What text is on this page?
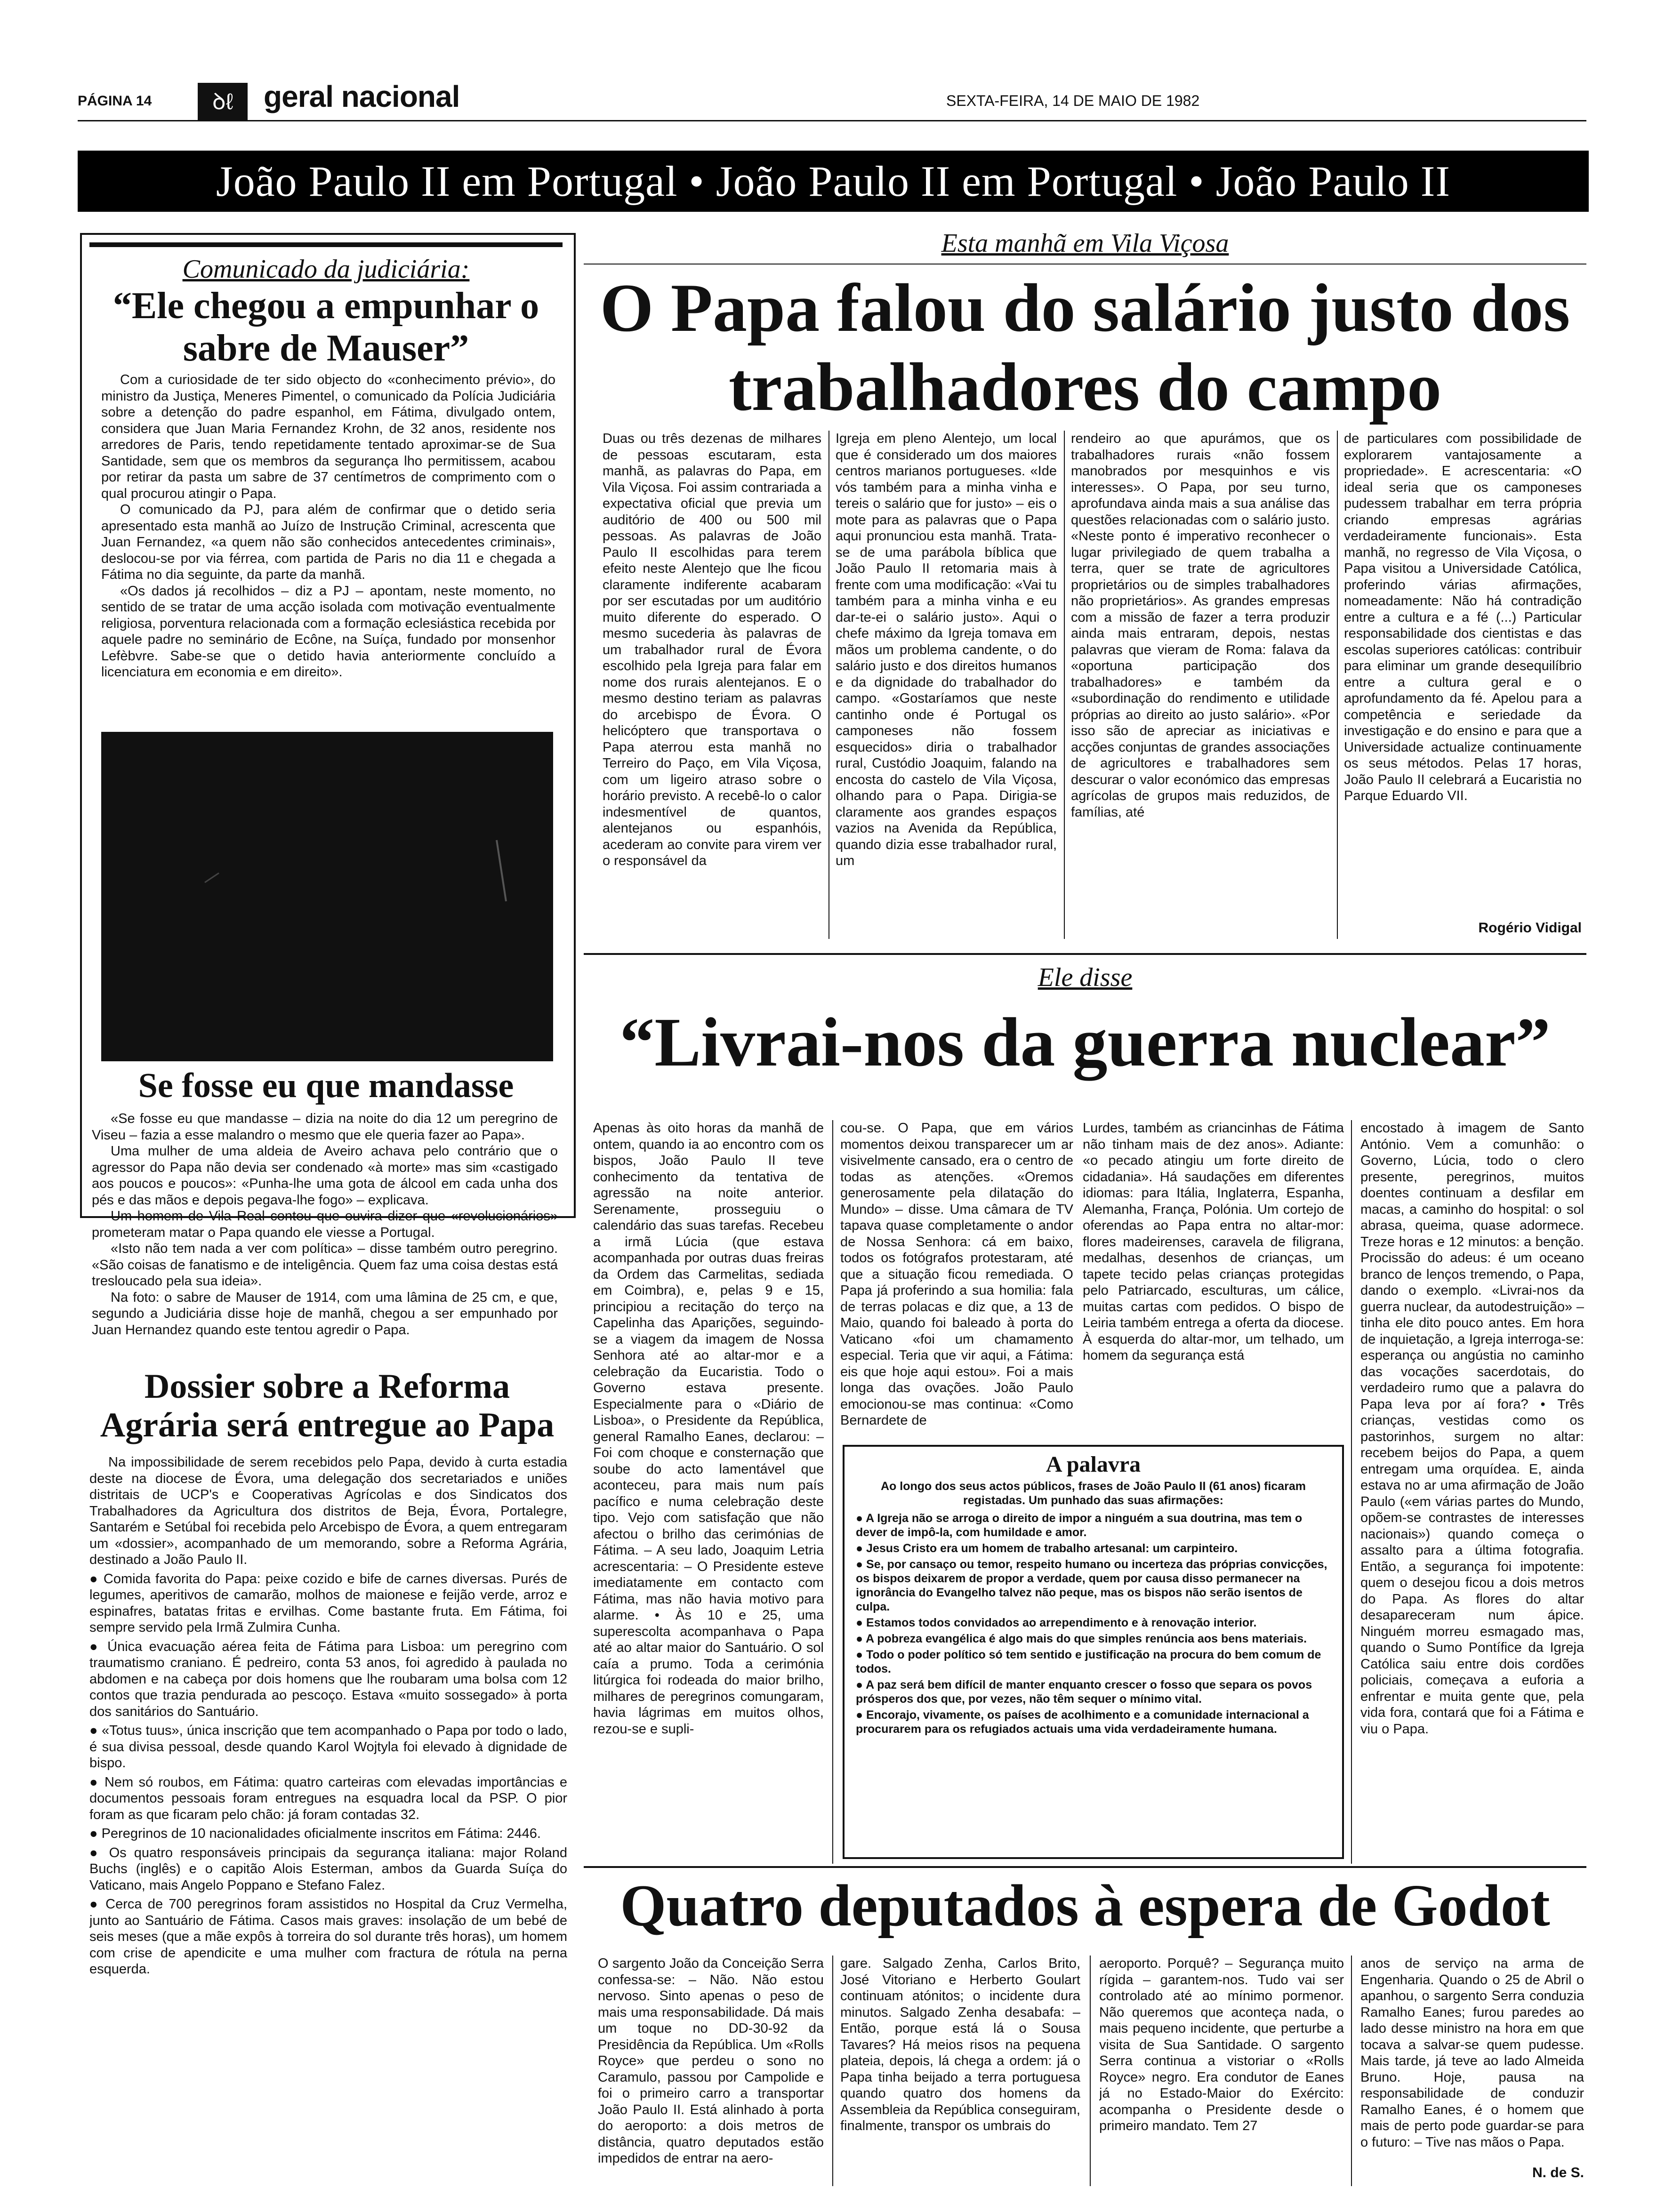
PÁGINA 14	ꝺℓ	geral nacional	SEXTA-FEIRA, 14 DE MAIO DE 1982
João Paulo II em Portugal • João Paulo II em Portugal • João Paulo II
Comunicado da judiciária:
“Ele chegou a empunhar o sabre de Mauser”

Com a curiosidade de ter sido objecto do «conhecimento prévio», do ministro da Justiça, Meneres Pimentel, o comunicado da Polícia Judiciária sobre a detenção do padre espanhol, em Fátima, divulgado ontem, considera que Juan Maria Fernandez Krohn, de 32 anos, residente nos arredores de Paris, tendo repetidamente tentado aproximar-se de Sua Santidade, sem que os membros da segurança lho permitissem, acabou por retirar da pasta um sabre de 37 centímetros de comprimento com o qual procurou atingir o Papa.

O comunicado da PJ, para além de confirmar que o detido seria apresentado esta manhã ao Juízo de Instrução Criminal, acrescenta que Juan Fernandez, «a quem não são conhecidos antecedentes criminais», deslocou-se por via férrea, com partida de Paris no dia 11 e chegada a Fátima no dia seguinte, da parte da manhã.

«Os dados já recolhidos – diz a PJ – apontam, neste momento, no sentido de se tratar de uma acção isolada com motivação eventualmente religiosa, porventura relacionada com a formação eclesiástica recebida por aquele padre no seminário de Ecône, na Suíça, fundado por monsenhor Lefèbvre. Sabe-se que o detido havia anteriormente concluído a licenciatura em economia e em direito».

Se fosse eu que mandasse

«Se fosse eu que mandasse – dizia na noite do dia 12 um peregrino de Viseu – fazia a esse malandro o mesmo que ele queria fazer ao Papa».

Uma mulher de uma aldeia de Aveiro achava pelo contrário que o agressor do Papa não devia ser condenado «à morte» mas sim «castigado aos poucos e poucos»: «Punha-lhe uma gota de álcool em cada unha dos pés e das mãos e depois pegava-lhe fogo» – explicava.

Um homem de Vila Real contou que ouvira dizer que «revolucionários» prometeram matar o Papa quando ele viesse a Portugal.

«Isto não tem nada a ver com política» – disse também outro peregrino. «São coisas de fanatismo e de inteligência. Quem faz uma coisa destas está tresloucado pela sua ideia».

Na foto: o sabre de Mauser de 1914, com uma lâmina de 25 cm, e que, segundo a Judiciária disse hoje de manhã, chegou a ser empunhado por Juan Hernandez quando este tentou agredir o Papa.

Dossier sobre a Reforma Agrária será entregue ao Papa

Na impossibilidade de serem recebidos pelo Papa, devido à curta estadia deste na diocese de Évora, uma delegação dos secretariados e uniões distritais de UCP's e Cooperativas Agrícolas e dos Sindicatos dos Trabalhadores da Agricultura dos distritos de Beja, Évora, Portalegre, Santarém e Setúbal foi recebida pelo Arcebispo de Évora, a quem entregaram um «dossier», acompanhado de um memorando, sobre a Reforma Agrária, destinado a João Paulo II.

● Comida favorita do Papa: peixe cozido e bife de carnes diversas. Purés de legumes, aperitivos de camarão, molhos de maionese e feijão verde, arroz e espinafres, batatas fritas e ervilhas. Come bastante fruta. Em Fátima, foi sempre servido pela Irmã Zulmira Cunha.

● Única evacuação aérea feita de Fátima para Lisboa: um peregrino com traumatismo craniano. É pedreiro, conta 53 anos, foi agredido à paulada no abdomen e na cabeça por dois homens que lhe roubaram uma bolsa com 12 contos que trazia pendurada ao pescoço. Estava «muito sossegado» à porta dos sanitários do Santuário.

● «Totus tuus», única inscrição que tem acompanhado o Papa por todo o lado, é sua divisa pessoal, desde quando Karol Wojtyla foi elevado à dignidade de bispo.

● Nem só roubos, em Fátima: quatro carteiras com elevadas importâncias e documentos pessoais foram entregues na esquadra local da PSP. O pior foram as que ficaram pelo chão: já foram contadas 32.

● Peregrinos de 10 nacionalidades oficialmente inscritos em Fátima: 2446.

● Os quatro responsáveis principais da segurança italiana: major Roland Buchs (inglês) e o capitão Alois Esterman, ambos da Guarda Suíça do Vaticano, mais Angelo Poppano e Stefano Falez.

● Cerca de 700 peregrinos foram assistidos no Hospital da Cruz Vermelha, junto ao Santuário de Fátima. Casos mais graves: insolação de um bebé de seis meses (que a mãe expôs à torreira do sol durante três horas), um homem com crise de apendicite e uma mulher com fractura de rótula na perna esquerda.

Esta manhã em Vila Viçosa
O Papa falou do salário justo dos trabalhadores do campo
Duas ou três dezenas de milhares de pessoas escutaram, esta manhã, as palavras do Papa, em Vila Viçosa. Foi assim contrariada a expectativa oficial que previa um auditório de 400 ou 500 mil pessoas. As palavras de João Paulo II escolhidas para terem efeito neste Alentejo que lhe ficou claramente indiferente acabaram por ser escutadas por um auditório muito diferente do esperado. O mesmo sucederia às palavras de um trabalhador rural de Évora escolhido pela Igreja para falar em nome dos rurais alentejanos. E o mesmo destino teriam as palavras do arcebispo de Évora. O helicóptero que transportava o Papa aterrou esta manhã no Terreiro do Paço, em Vila Viçosa, com um ligeiro atraso sobre o horário previsto. A recebê-lo o calor indesmentível de quantos, alentejanos ou espanhóis, acederam ao convite para virem ver o responsável da
Igreja em pleno Alentejo, um local que é considerado um dos maiores centros marianos portugueses. «Ide vós também para a minha vinha e tereis o salário que for justo» – eis o mote para as palavras que o Papa aqui pronunciou esta manhã. Trata-se de uma parábola bíblica que João Paulo II retomaria mais à frente com uma modificação: «Vai tu também para a minha vinha e eu dar-te-ei o salário justo». Aqui o chefe máximo da Igreja tomava em mãos um problema candente, o do salário justo e dos direitos humanos e da dignidade do trabalhador do campo. «Gostaríamos que neste cantinho onde é Portugal os camponeses não fossem esquecidos» diria o trabalhador rural, Custódio Joaquim, falando na encosta do castelo de Vila Viçosa, olhando para o Papa. Dirigia-se claramente aos grandes espaços vazios na Avenida da República, quando dizia esse trabalhador rural, um
rendeiro ao que apurámos, que os trabalhadores rurais «não fossem manobrados por mesquinhos e vis interesses». O Papa, por seu turno, aprofundava ainda mais a sua análise das questões relacionadas com o salário justo. «Neste ponto é imperativo reconhecer o lugar privilegiado de quem trabalha a terra, quer se trate de agricultores proprietários ou de simples trabalhadores não proprietários». As grandes empresas com a missão de fazer a terra produzir ainda mais entraram, depois, nestas palavras que vieram de Roma: falava da «oportuna participação dos trabalhadores» e também da «subordinação do rendimento e utilidade próprias ao direito ao justo salário». «Por isso são de apreciar as iniciativas e acções conjuntas de grandes associações de agricultores e trabalhadores sem descurar o valor económico das empresas agrícolas de grupos mais reduzidos, de famílias, até
de particulares com possibilidade de explorarem vantajosamente a propriedade». E acrescentaria: «O ideal seria que os camponeses pudessem trabalhar em terra própria criando empresas agrárias verdadeiramente funcionais». Esta manhã, no regresso de Vila Viçosa, o Papa visitou a Universidade Católica, proferindo várias afirmações, nomeadamente: Não há contradição entre a cultura e a fé (...) Particular responsabilidade dos cientistas e das escolas superiores católicas: contribuir para eliminar um grande desequilíbrio entre a cultura geral e o aprofundamento da fé. Apelou para a competência e seriedade da investigação e do ensino e para que a Universidade actualize continuamente os seus métodos. Pelas 17 horas, João Paulo II celebrará a Eucaristia no Parque Eduardo VII.
Rogério Vidigal
Ele disse
“Livrai-nos da guerra nuclear”
Apenas às oito horas da manhã de ontem, quando ia ao encontro com os bispos, João Paulo II teve conhecimento da tentativa de agressão na noite anterior. Serenamente, prosseguiu o calendário das suas tarefas. Recebeu a irmã Lúcia (que estava acompanhada por outras duas freiras da Ordem das Carmelitas, sediada em Coimbra), e, pelas 9 e 15, principiou a recitação do terço na Capelinha das Aparições, seguindo-se a viagem da imagem de Nossa Senhora até ao altar-mor e a celebração da Eucaristia. Todo o Governo estava presente. Especialmente para o «Diário de Lisboa», o Presidente da República, general Ramalho Eanes, declarou: – Foi com choque e consternação que soube do acto lamentável que aconteceu, para mais num país pacífico e numa celebração deste tipo. Vejo com satisfação que não afectou o brilho das cerimónias de Fátima. – A seu lado, Joaquim Letria acrescentaria: – O Presidente esteve imediatamente em contacto com Fátima, mas não havia motivo para alarme. • Às 10 e 25, uma superescolta acompanhava o Papa até ao altar maior do Santuário. O sol caía a prumo. Toda a cerimónia litúrgica foi rodeada do maior brilho, milhares de peregrinos comungaram, havia lágrimas em muitos olhos, rezou-se e supli-
cou-se. O Papa, que em vários momentos deixou transparecer um ar visivelmente cansado, era o centro de todas as atenções. «Oremos generosamente pela dilatação do Mundo» – disse. Uma câmara de TV tapava quase completamente o andor de Nossa Senhora: cá em baixo, todos os fotógrafos protestaram, até que a situação ficou remediada. O Papa já proferindo a sua homilia: fala de terras polacas e diz que, a 13 de Maio, quando foi baleado à porta do Vaticano «foi um chamamento especial. Teria que vir aqui, a Fátima: eis que hoje aqui estou». Foi a mais longa das ovações. João Paulo emocionou-se mas continua: «Como Bernardete de
Lurdes, também as criancinhas de Fátima não tinham mais de dez anos». Adiante: «o pecado atingiu um forte direito de cidadania». Há saudações em diferentes idiomas: para Itália, Inglaterra, Espanha, Alemanha, França, Polónia. Um cortejo de oferendas ao Papa entra no altar-mor: flores madeirenses, caravela de filigrana, medalhas, desenhos de crianças, um tapete tecido pelas crianças protegidas pelo Patriarcado, esculturas, um cálice, muitas cartas com pedidos. O bispo de Leiria também entrega a oferta da diocese. À esquerda do altar-mor, um telhado, um homem da segurança está
encostado à imagem de Santo António. Vem a comunhão: o Governo, Lúcia, todo o clero presente, peregrinos, muitos doentes continuam a desfilar em macas, a caminho do hospital: o sol abrasa, queima, quase adormece. Treze horas e 12 minutos: a benção. Procissão do adeus: é um oceano branco de lenços tremendo, o Papa, dando o exemplo. «Livrai-nos da guerra nuclear, da autodestruição» – tinha ele dito pouco antes. Em hora de inquietação, a Igreja interroga-se: esperança ou angústia no caminho das vocações sacerdotais, do verdadeiro rumo que a palavra do Papa leva por aí fora? • Três crianças, vestidas como os pastorinhos, surgem no altar: recebem beijos do Papa, a quem entregam uma orquídea. E, ainda estava no ar uma afirmação de João Paulo («em várias partes do Mundo, opõem-se contrastes de interesses nacionais») quando começa o assalto para a última fotografia. Então, a segurança foi impotente: quem o desejou ficou a dois metros do Papa. As flores do altar desapareceram num ápice. Ninguém morreu esmagado mas, quando o Sumo Pontífice da Igreja Católica saiu entre dois cordões policiais, começava a euforia a enfrentar e muita gente que, pela vida fora, contará que foi a Fátima e viu o Papa.
A palavra
Ao longo dos seus actos públicos, frases de João Paulo II (61 anos) ficaram registadas. Um punhado das suas afirmações:
● A Igreja não se arroga o direito de impor a ninguém a sua doutrina, mas tem o dever de impô-la, com humildade e amor.
● Jesus Cristo era um homem de trabalho artesanal: um carpinteiro.
● Se, por cansaço ou temor, respeito humano ou incerteza das próprias convicções, os bispos deixarem de propor a verdade, quem por causa disso permanecer na ignorância do Evangelho talvez não peque, mas os bispos não serão isentos de culpa.
● Estamos todos convidados ao arrependimento e à renovação interior.
● A pobreza evangélica é algo mais do que simples renúncia aos bens materiais.
● Todo o poder político só tem sentido e justificação na procura do bem comum de todos.
● A paz será bem difícil de manter enquanto crescer o fosso que separa os povos prósperos dos que, por vezes, não têm sequer o mínimo vital.
● Encorajo, vivamente, os países de acolhimento e a comunidade internacional a procurarem para os refugiados actuais uma vida verdadeiramente humana.
Quatro deputados à espera de Godot
O sargento João da Conceição Serra confessa-se: – Não. Não estou nervoso. Sinto apenas o peso de mais uma responsabilidade. Dá mais um toque no DD-30-92 da Presidência da República. Um «Rolls Royce» que perdeu o sono no Caramulo, passou por Campolide e foi o primeiro carro a transportar João Paulo II. Está alinhado à porta do aeroporto: a dois metros de distância, quatro deputados estão impedidos de entrar na aero-
gare. Salgado Zenha, Carlos Brito, José Vitoriano e Herberto Goulart continuam atónitos; o incidente dura minutos. Salgado Zenha desabafa: – Então, porque está lá o Sousa Tavares? Há meios risos na pequena plateia, depois, lá chega a ordem: já o Papa tinha beijado a terra portuguesa quando quatro dos homens da Assembleia da República conseguiram, finalmente, transpor os umbrais do
aeroporto. Porquê? – Segurança muito rígida – garantem-nos. Tudo vai ser controlado até ao mínimo pormenor. Não queremos que aconteça nada, o mais pequeno incidente, que perturbe a visita de Sua Santidade. O sargento Serra continua a vistoriar o «Rolls Royce» negro. Era condutor de Eanes já no Estado-Maior do Exército: acompanha o Presidente desde o primeiro mandato. Tem 27
anos de serviço na arma de Engenharia. Quando o 25 de Abril o apanhou, o sargento Serra conduzia Ramalho Eanes; furou paredes ao lado desse ministro na hora em que tocava a salvar-se quem pudesse. Mais tarde, já teve ao lado Almeida Bruno. Hoje, pausa na responsabilidade de conduzir Ramalho Eanes, é o homem que mais de perto pode guardar-se para o futuro: – Tive nas mãos o Papa.
N. de S.
